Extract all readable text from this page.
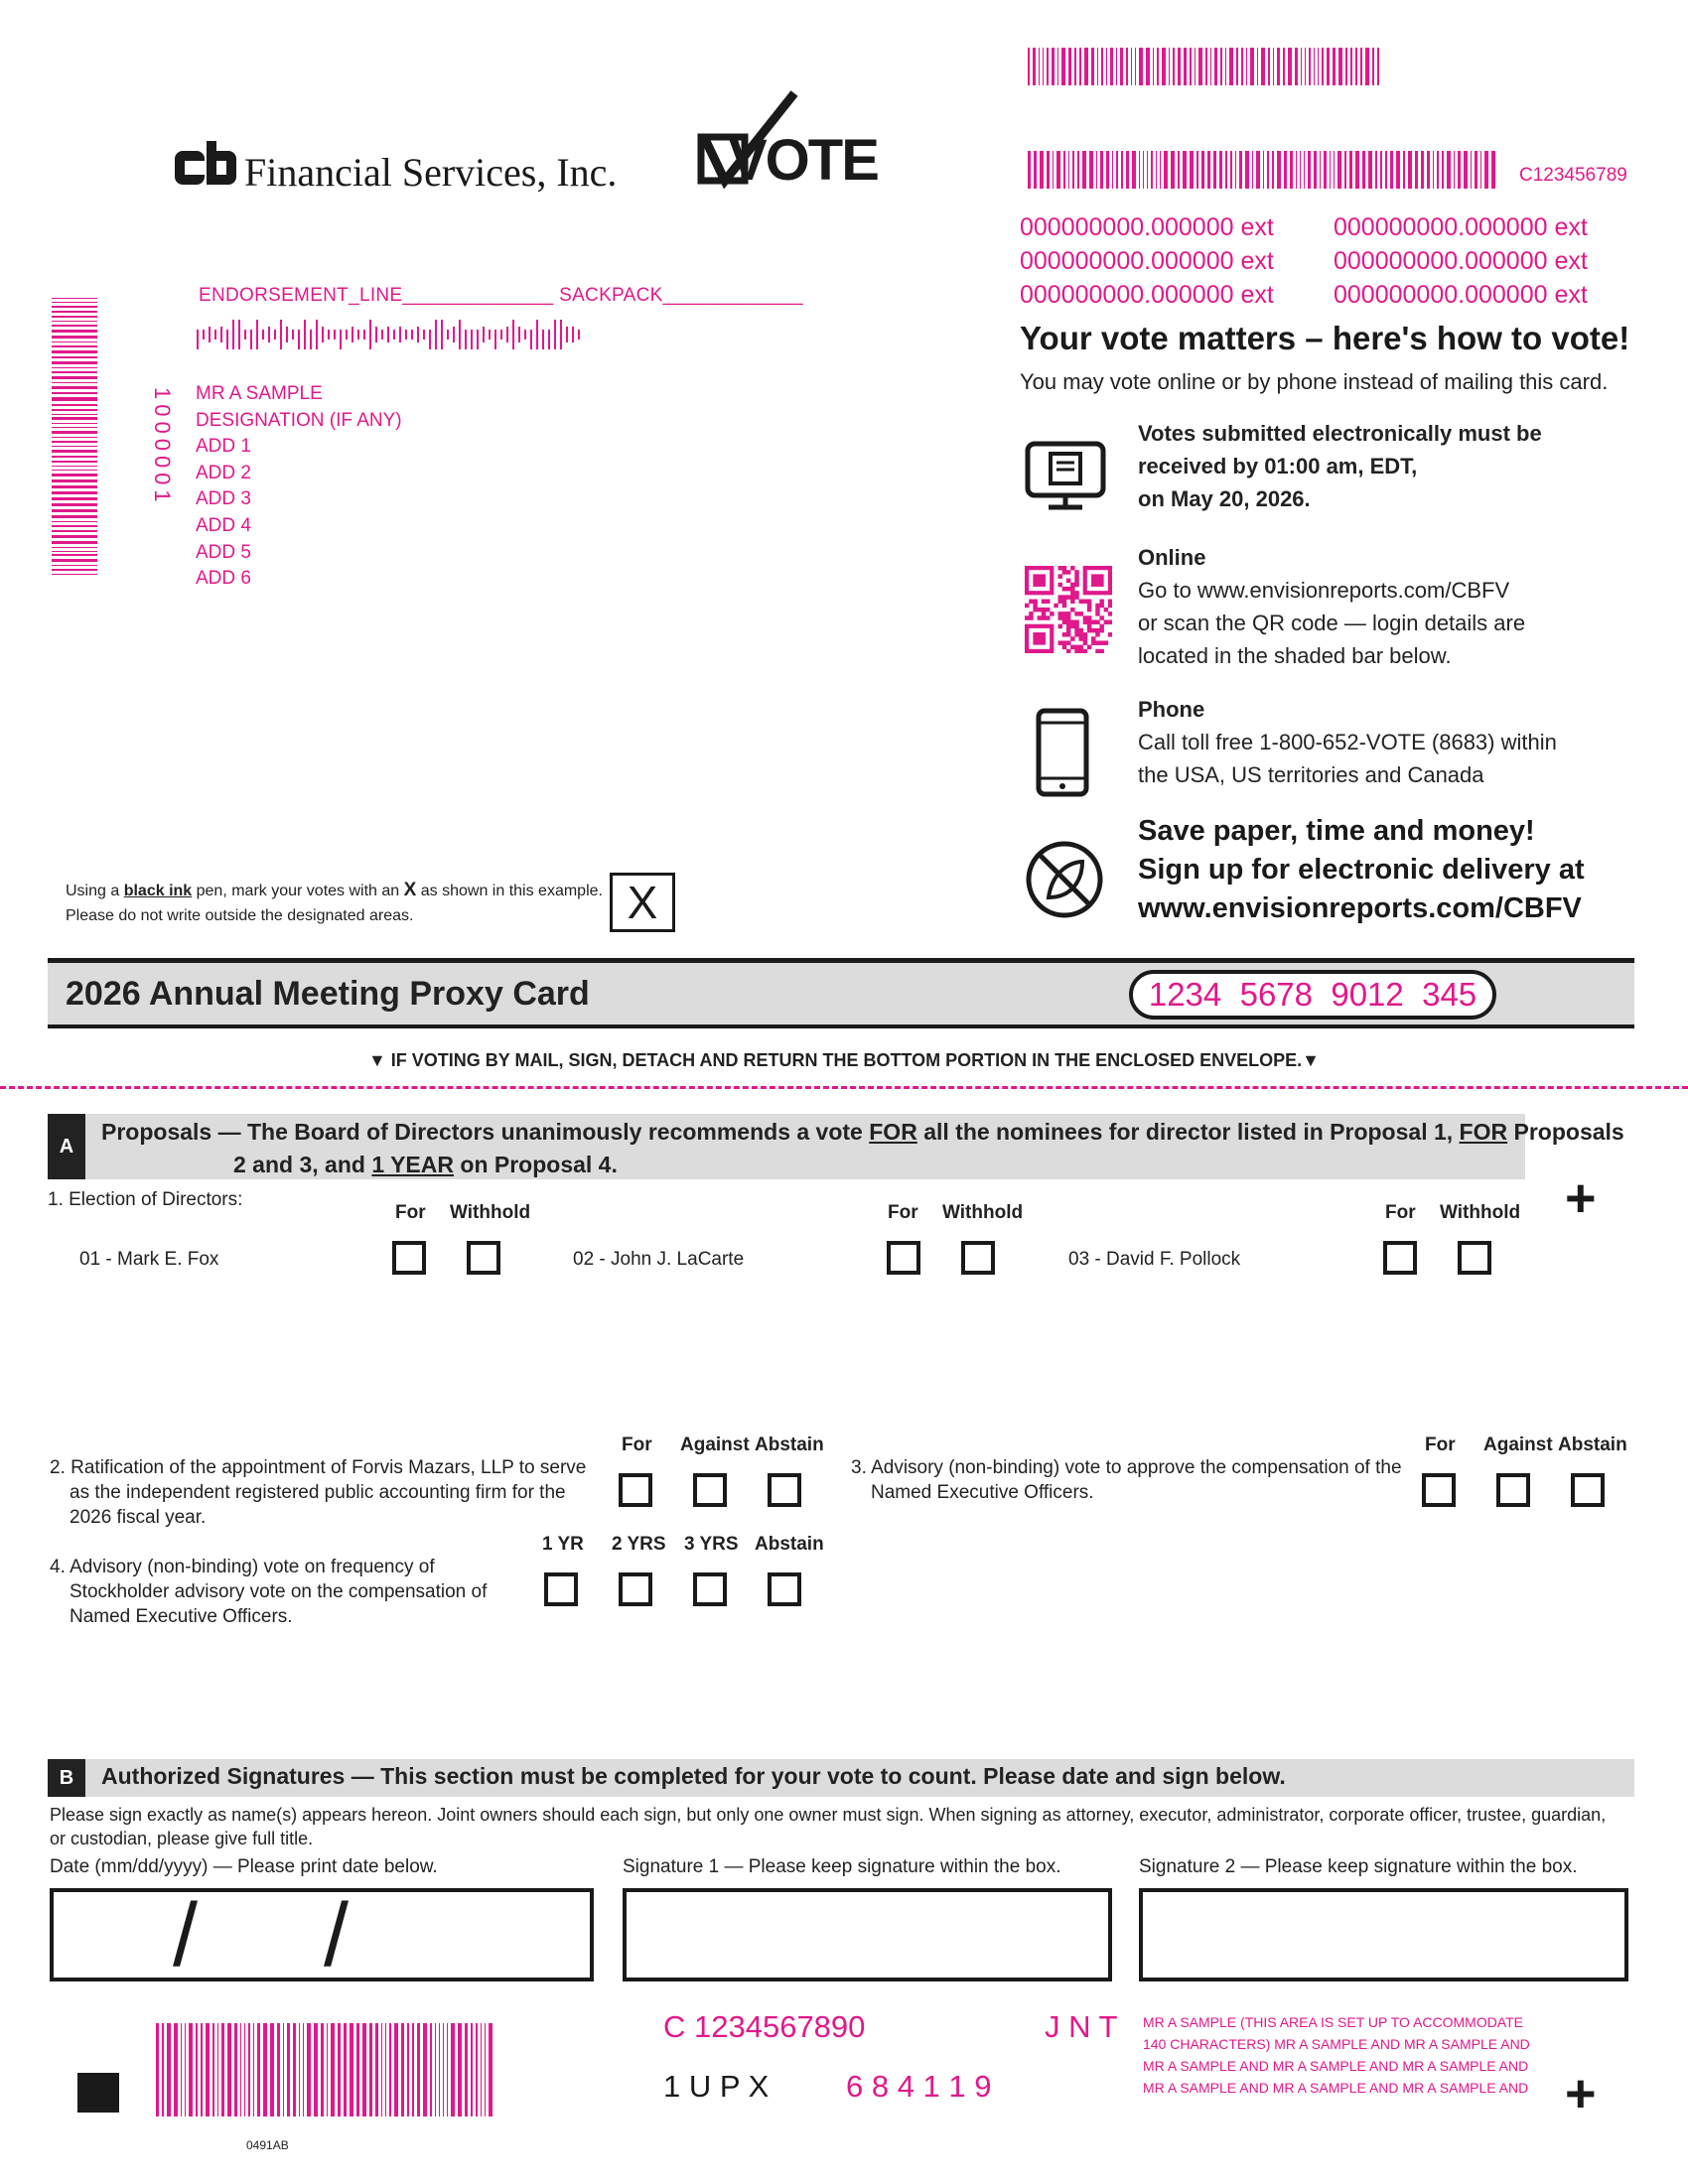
C123456789
Financial Services, Inc. VOTE
000000000.000000 ext	000000000.000000 ext
000000000.000000 ext	000000000.000000 ext
000000000.000000 ext	000000000.000000 ext
ENDORSEMENT_LINE______________ SACKPACK_____________
1000001 MR A SAMPLE
DESIGNATION (IF ANY)
ADD 1
ADD 2
ADD 3
ADD 4
ADD 5
ADD 6
Your vote matters – here's how to vote!
You may vote online or by phone instead of mailing this card.
Votes submitted electronically must be
received by 01:00 am, EDT,
on May 20, 2026.
Online
Go to www.envisionreports.com/CBFV
or scan the QR code — login details are
located in the shaded bar below.
Phone
Call toll free 1-800-652-VOTE (8683) within
the USA, US territories and Canada
Save paper, time and money!
Sign up for electronic delivery at
www.envisionreports.com/CBFV
Using a black ink pen, mark your votes with an X as shown in this example.
Please do not write outside the designated areas.	X
2026 Annual Meeting Proxy Card	1234  5678  9012  345
▼ IF VOTING BY MAIL, SIGN, DETACH AND RETURN THE BOTTOM PORTION IN THE ENCLOSED ENVELOPE.▼
A
Proposals — The Board of Directors unanimously recommends a vote FOR all the nominees for director listed in Proposal 1, FOR Proposals
2 and 3, and 1 YEAR on Proposal 4.
+
1. Election of Directors:
For Withhold	For Withhold	For Withhold
01 - Mark E. Fox	02 - John J. LaCarte	03 - David F. Pollock
2. Ratification of the appointment of Forvis Mazars, LLP to serve
as the independent registered public accounting firm for the
2026 fiscal year.
For Against Abstain
3. Advisory (non-binding) vote to approve the compensation of the
Named Executive Officers.
For Against Abstain
4. Advisory (non-binding) vote on frequency of
Stockholder advisory vote on the compensation of
Named Executive Officers.
1 YR 2 YRS 3 YRS Abstain
B	Authorized Signatures — This section must be completed for your vote to count. Please date and sign below.
Please sign exactly as name(s) appears hereon. Joint owners should each sign, but only one owner must sign. When signing as attorney, executor, administrator, corporate officer, trustee, guardian,
or custodian, please give full title.
Date (mm/dd/yyyy) — Please print date below.	Signature 1 — Please keep signature within the box.	Signature 2 — Please keep signature within the box.
/ /
0491AB
C 1234567890	J N T
1 U P X	6 8 4 1 1 9
MR A SAMPLE (THIS AREA IS SET UP TO ACCOMMODATE
140 CHARACTERS) MR A SAMPLE AND MR A SAMPLE AND
MR A SAMPLE AND MR A SAMPLE AND MR A SAMPLE AND
MR A SAMPLE AND MR A SAMPLE AND MR A SAMPLE AND +
